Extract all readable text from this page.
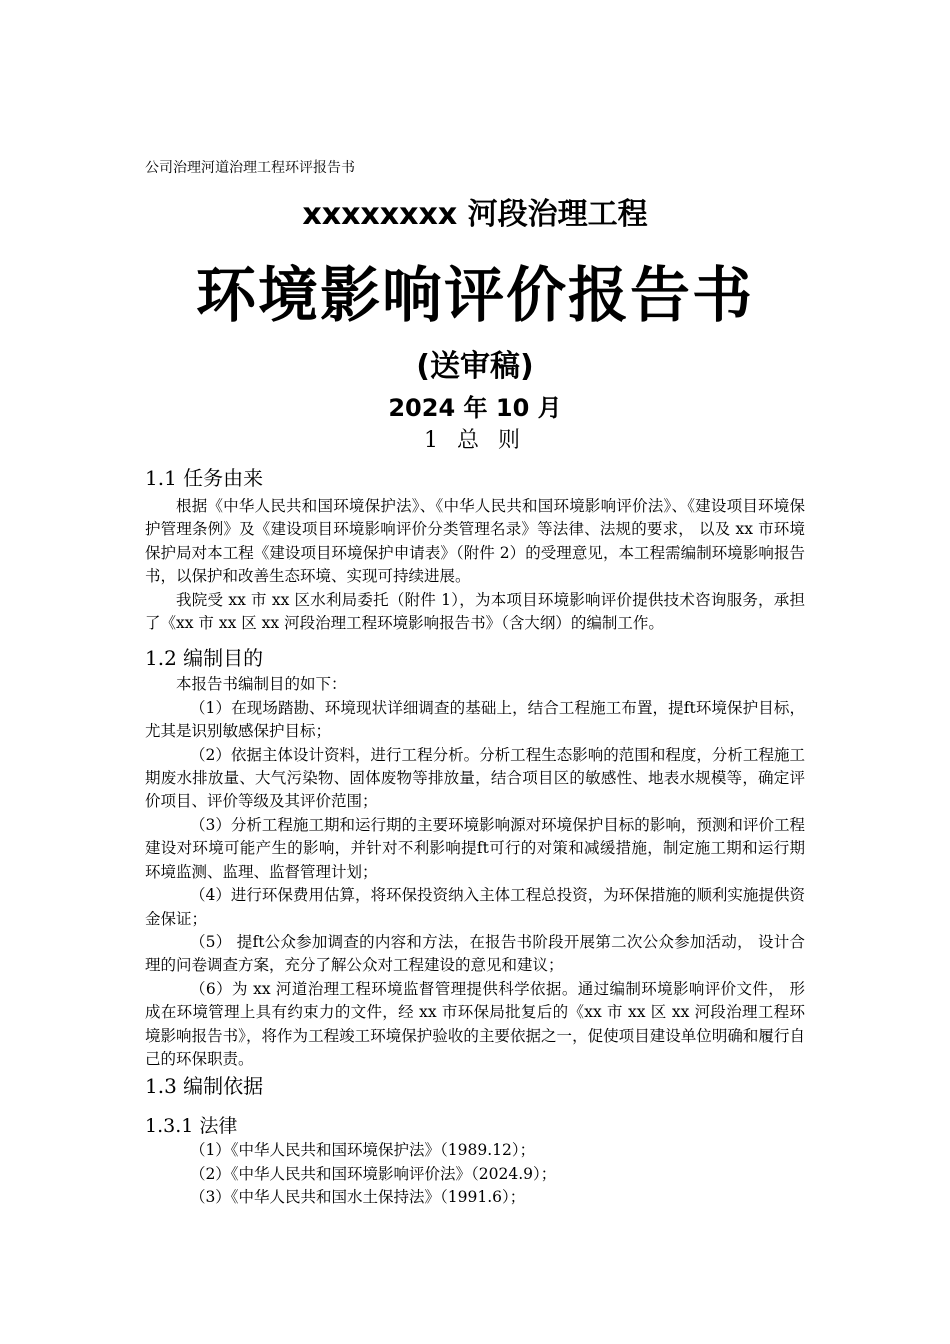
公司治理河道治理工程环评报告书
xxxxxxxx 河段治理工程
环境影响评价报告书
(送审稿)
2024 年 10 月
1 总 则

1.1 任务由来

根据《中华人民共和国环境保护法》、《中华人民共和国环境影响评价法》、《建设项目环境保护管理条例》及《建设项目环境影响评价分类管理名录》等法律、法规的要求， 以及 xx 市环境保护局对本工程《建设项目环境保护申请表》（附件 2）的受理意见，本工程需编制环境影响报告书，以保护和改善生态环境、实现可持续进展。

我院受 xx 市 xx 区水利局委托（附件 1），为本项目环境影响评价提供技术咨询服务，承担了《xx 市 xx 区 xx 河段治理工程环境影响报告书》（含大纲）的编制工作。

1.2 编制目的

本报告书编制目的如下：

（1）在现场踏勘、环境现状详细调查的基础上，结合工程施工布置，提ft环境保护目标，尤其是识别敏感保护目标；

（2）依据主体设计资料，进行工程分析。分析工程生态影响的范围和程度，分析工程施工期废水排放量、大气污染物、固体废物等排放量，结合项目区的敏感性、地表水规模等，确定评价项目、评价等级及其评价范围；

（3）分析工程施工期和运行期的主要环境影响源对环境保护目标的影响，预测和评价工程建设对环境可能产生的影响，并针对不利影响提ft可行的对策和减缓措施，制定施工期和运行期环境监测、监理、监督管理计划；

（4）进行环保费用估算，将环保投资纳入主体工程总投资，为环保措施的顺利实施提供资金保证；

（5） 提ft公众参加调查的内容和方法，在报告书阶段开展第二次公众参加活动， 设计合理的问卷调查方案，充分了解公众对工程建设的意见和建议；

（6）为 xx 河道治理工程环境监督管理提供科学依据。通过编制环境影响评价文件， 形成在环境管理上具有约束力的文件，经 xx 市环保局批复后的《xx 市 xx 区 xx 河段治理工程环境影响报告书》，将作为工程竣工环境保护验收的主要依据之一，促使项目建设单位明确和履行自己的环保职责。

1.3 编制依据

1.3.1 法律

（1）《中华人民共和国环境保护法》（1989.12）；

（2）《中华人民共和国环境影响评价法》（2024.9）；

（3）《中华人民共和国水土保持法》（1991.6）；
